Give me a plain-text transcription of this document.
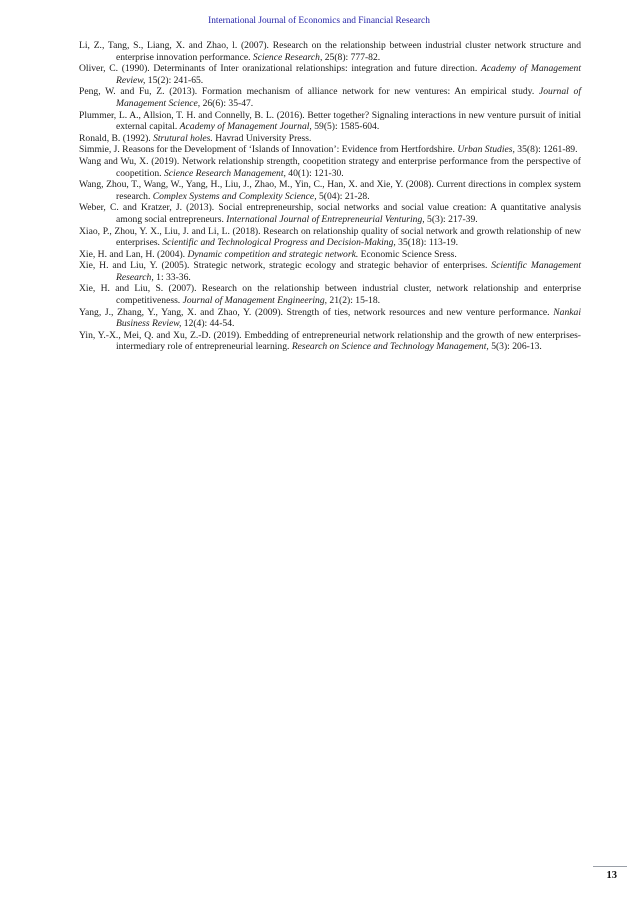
International Journal of Economics and Financial Research

Li, Z., Tang, S., Liang, X. and Zhao, l. (2007). Research on the relationship between industrial cluster network structure and enterprise innovation performance. Science Research, 25(8): 777-82.

Oliver, C. (1990). Determinants of Inter oranizational relationships: integration and future direction. Academy of Management Review, 15(2): 241-65.

Peng, W. and Fu, Z. (2013). Formation mechanism of alliance network for new ventures: An empirical study. Journal of Management Science, 26(6): 35-47.

Plummer, L. A., Allsion, T. H. and Connelly, B. L. (2016). Better together? Signaling interactions in new venture pursuit of initial external capital. Academy of Management Journal, 59(5): 1585-604.

Ronald, B. (1992). Strutural holes. Havrad University Press.

Simmie, J. Reasons for the Development of ‘Islands of Innovation’: Evidence from Hertfordshire. Urban Studies, 35(8): 1261-89.

Wang and Wu, X. (2019). Network relationship strength, coopetition strategy and enterprise performance from the perspective of coopetition. Science Research Management, 40(1): 121-30.

Wang, Zhou, T., Wang, W., Yang, H., Liu, J., Zhao, M., Yin, C., Han, X. and Xie, Y. (2008). Current directions in complex system research. Complex Systems and Complexity Science, 5(04): 21-28.

Weber, C. and Kratzer, J. (2013). Social entrepreneurship, social networks and social value creation: A quantitative analysis among social entrepreneurs. International Journal of Entrepreneurial Venturing, 5(3): 217-39.

Xiao, P., Zhou, Y. X., Liu, J. and Li, L. (2018). Research on relationship quality of social network and growth relationship of new enterprises. Scientific and Technological Progress and Decision-Making, 35(18): 113-19.

Xie, H. and Lan, H. (2004). Dynamic competition and strategic network. Economic Science Sress.

Xie, H. and Liu, Y. (2005). Strategic network, strategic ecology and strategic behavior of enterprises. Scientific Management Research, 1: 33-36.

Xie, H. and Liu, S. (2007). Research on the relationship between industrial cluster, network relationship and enterprise competitiveness. Journal of Management Engineering, 21(2): 15-18.

Yang, J., Zhang, Y., Yang, X. and Zhao, Y. (2009). Strength of ties, network resources and new venture performance. Nankai Business Review, 12(4): 44-54.

Yin, Y.-X., Mei, Q. and Xu, Z.-D. (2019). Embedding of entrepreneurial network relationship and the growth of new enterprises-intermediary role of entrepreneurial learning. Research on Science and Technology Management, 5(3): 206-13.

13
